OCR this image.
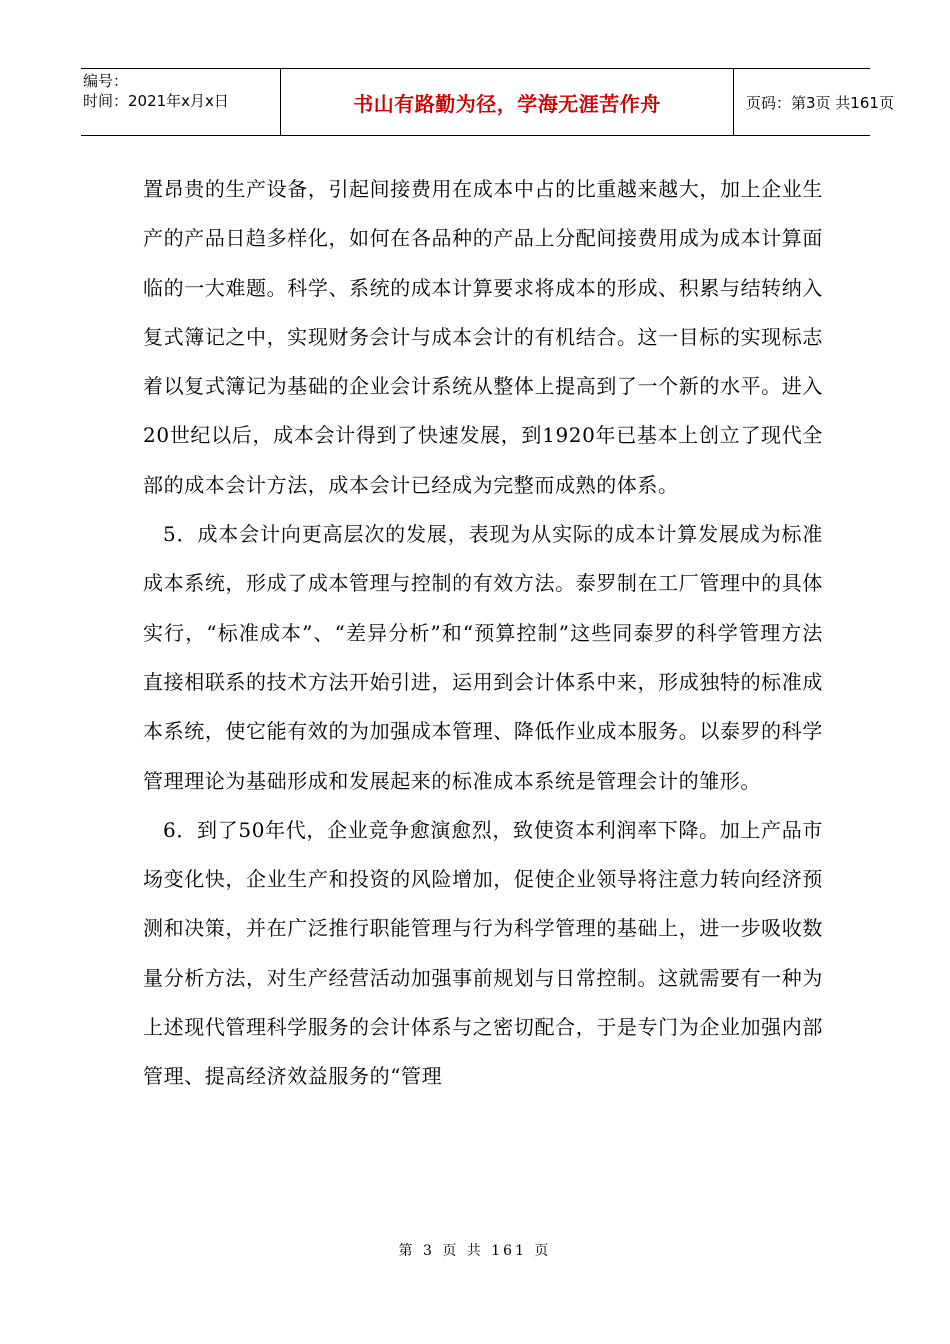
编号：
时间：2021年x月x日	书山有路勤为径，学海无涯苦作舟	页码：第3页 共161页

置昂贵的生产设备，引起间接费用在成本中占的比重越来越大，加上企业生产的产品日趋多样化，如何在各品种的产品上分配间接费用成为成本计算面临的一大难题。科学、系统的成本计算要求将成本的形成、积累与结转纳入复式簿记之中，实现财务会计与成本会计的有机结合。这一目标的实现标志着以复式簿记为基础的企业会计系统从整体上提高到了一个新的水平。进入20世纪以后，成本会计得到了快速发展，到1920年已基本上创立了现代全部的成本会计方法，成本会计已经成为完整而成熟的体系。

5．成本会计向更高层次的发展，表现为从实际的成本计算发展成为标准成本系统，形成了成本管理与控制的有效方法。泰罗制在工厂管理中的具体实行，“标准成本”、“差异分析”和“预算控制”这些同泰罗的科学管理方法直接相联系的技术方法开始引进，运用到会计体系中来，形成独特的标准成本系统，使它能有效的为加强成本管理、降低作业成本服务。以泰罗的科学管理理论为基础形成和发展起来的标准成本系统是管理会计的雏形。

6．到了50年代，企业竞争愈演愈烈，致使资本利润率下降。加上产品市场变化快，企业生产和投资的风险增加，促使企业领导将注意力转向经济预测和决策，并在广泛推行职能管理与行为科学管理的基础上，进一步吸收数量分析方法，对生产经营活动加强事前规划与日常控制。这就需要有一种为上述现代管理科学服务的会计体系与之密切配合，于是专门为企业加强内部管理、提高经济效益服务的“管理

第 3 页 共 161 页
